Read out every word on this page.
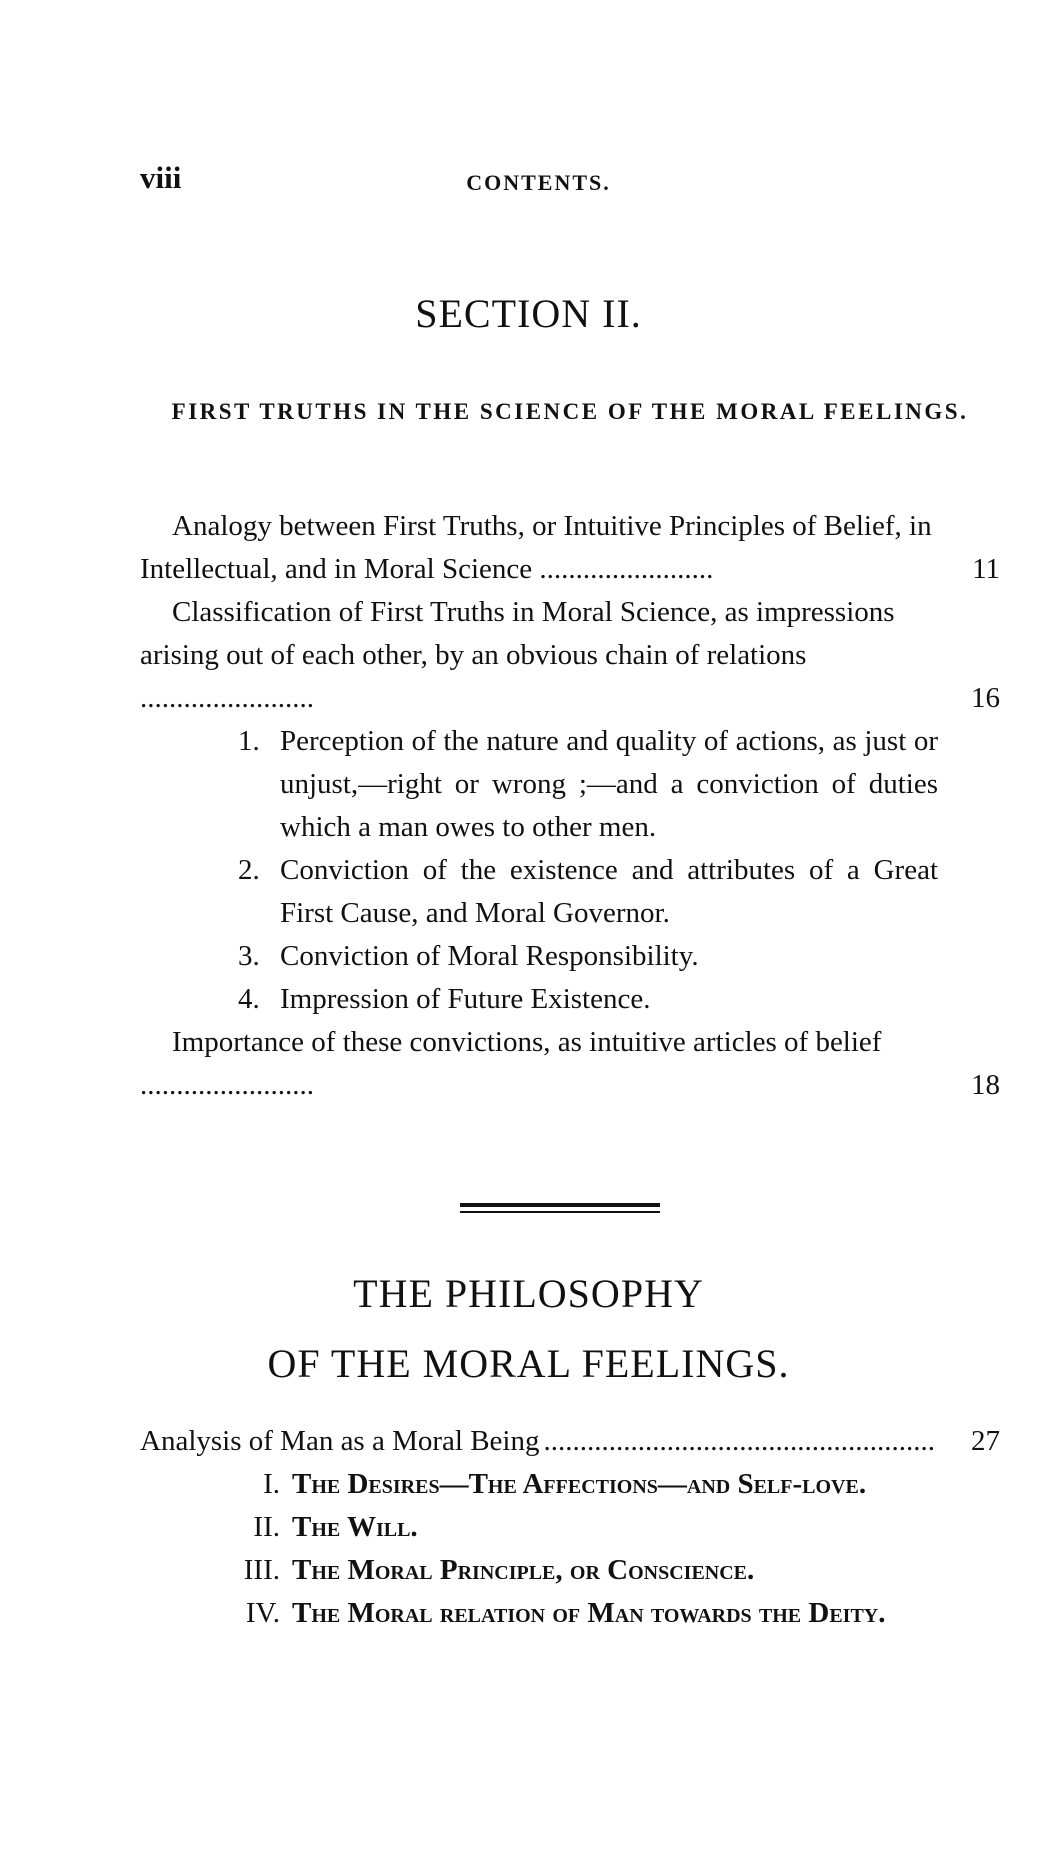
viii	CONTENTS.
SECTION II.
FIRST TRUTHS IN THE SCIENCE OF THE MORAL FEELINGS.
Analogy between First Truths, or Intuitive Principles of Belief, in Intellectual, and in Moral Science ........................	11
Classification of First Truths in Moral Science, as impressions arising out of each other, by an obvious chain of relations ........................	16
1. Perception of the nature and quality of actions, as just or unjust,—right or wrong ;—and a conviction of duties which a man owes to other men.
2. Conviction of the existence and attributes of a Great First Cause, and Moral Governor.
3. Conviction of Moral Responsibility.
4. Impression of Future Existence.
Importance of these convictions, as intuitive articles of belief ........................	18
THE PHILOSOPHY
OF THE MORAL FEELINGS.
Analysis of Man as a Moral Being .....	27
I. The Desires—The Affections—and Self-love.
II. The Will.
III. The Moral Principle, or Conscience.
IV. The Moral relation of Man towards the Deity.
